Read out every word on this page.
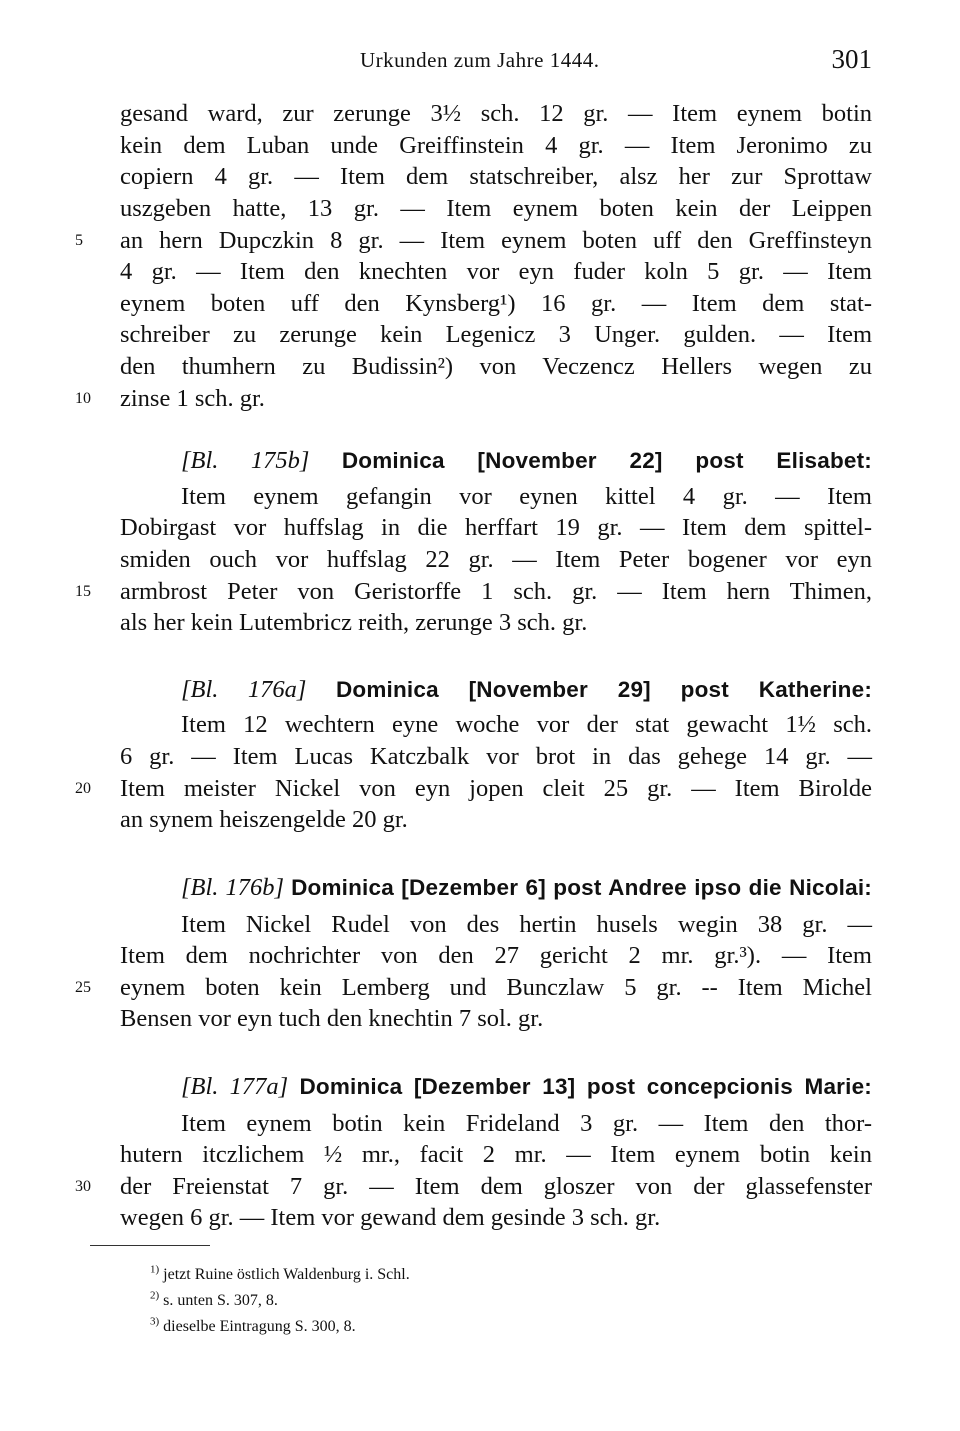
Urkunden zum Jahre 1444.	301
gesand ward, zur zerunge 3½ sch. 12 gr. — Item eynem botin
kein dem Luban unde Greiffinstein 4 gr. — Item Jeronimo zu
copiern 4 gr. — Item dem statschreiber, alsz her zur Sprottaw
uszgeben hatte, 13 gr. — Item eynem boten kein der Leippen
an hern Dupczkin 8 gr. — Item eynem boten uff den Greffinsteyn
4 gr. — Item den knechten vor eyn fuder koln 5 gr. — Item
eynem boten uff den Kynsberg¹) 16 gr. — Item dem stat-
schreiber zu zerunge kein Legenicz 3 Unger. gulden. — Item
den thumhern zu Budissin²) von Veczencz Hellers wegen zu
zinse 1 sch. gr.
[Bl. 175b] Dominica [November 22] post Elisabet:
Item eynem gefangin vor eynen kittel 4 gr. — Item
Dobirgast vor huffslag in die herffart 19 gr. — Item dem spittel-
smiden ouch vor huffslag 22 gr. — Item Peter bogener vor eyn
armbrost Peter von Geristorffe 1 sch. gr. — Item hern Thimen,
als her kein Lutembricz reith, zerunge 3 sch. gr.
[Bl. 176a] Dominica [November 29] post Katherine:
Item 12 wechtern eyne woche vor der stat gewacht 1½ sch.
6 gr. — Item Lucas Katczbalk vor brot in das gehege 14 gr. —
Item meister Nickel von eyn jopen cleit 25 gr. — Item Birolde
an synem heiszengelde 20 gr.
[Bl. 176b] Dominica [Dezember 6] post Andree ipso die Nicolai:
Item Nickel Rudel von des hertin husels wegin 38 gr. —
Item dem nochrichter von den 27 gericht 2 mr. gr.³). — Item
eynem boten kein Lemberg und Bunczlaw 5 gr. -- Item Michel
Bensen vor eyn tuch den knechtin 7 sol. gr.
[Bl. 177a] Dominica [Dezember 13] post concepcionis Marie:
Item eynem botin kein Frideland 3 gr. — Item den thor-
hutern itczlichem ½ mr., facit 2 mr. — Item eynem botin kein
der Freienstat 7 gr. — Item dem gloszer von der glassefenster
wegen 6 gr. — Item vor gewand dem gesinde 3 sch. gr.
5
10
15
20
25
30
$^{1)}$ jetzt Ruine östlich Waldenburg i. Schl.
$^{2)}$ s. unten S. 307, 8.
$^{3)}$ dieselbe Eintragung S. 300, 8.
